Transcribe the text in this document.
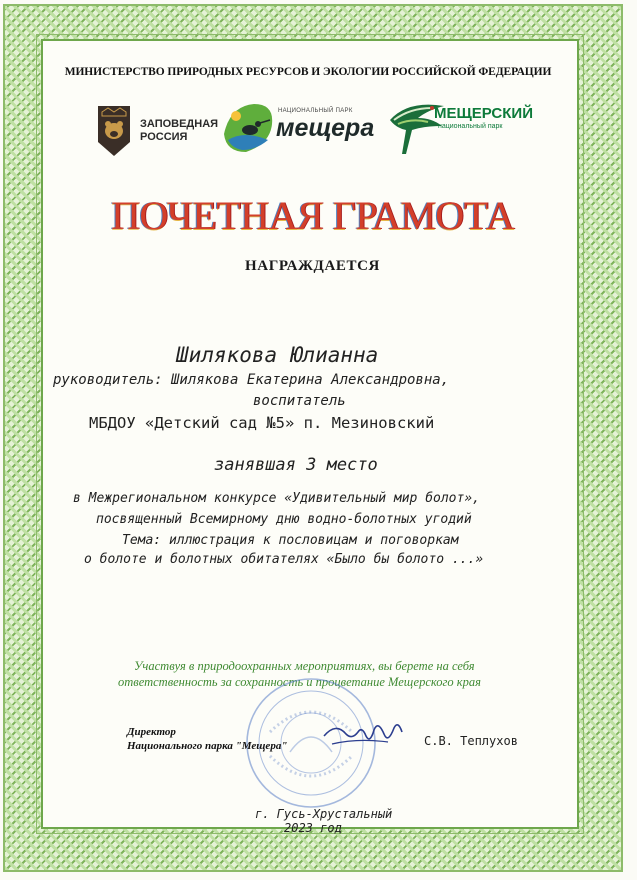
МИНИСТЕРСТВО ПРИРОДНЫХ РЕСУРСОВ И ЭКОЛОГИИ РОССИЙСКОЙ ФЕДЕРАЦИИ
ЗАПОВЕДНАЯ
РОССИЯ
НАЦИОНАЛЬНЫЙ ПАРК
мещера
МЕЩЕРСКИЙ
национальный парк
ПОЧЕТНАЯ ГРАМОТА
НАГРАЖДАЕТСЯ
Шилякова Юлианна
руководитель: Шилякова Екатерина Александровна,
воспитатель
МБДОУ «Детский сад №5» п. Мезиновский
занявшая 3 место
в Межрегиональном конкурсе «Удивительный мир болот»,
посвященный Всемирному дню водно-болотных угодий
Тема: иллюстрация к пословицам и поговоркам
о болоте и болотных обитателях «Было бы болото ...»
Участвуя в природоохранных мероприятиях, вы берете на себя
ответственность за сохранность и процветание Мещерского края
Директор
Национального парка "Мещера"	С.В. Теплухов
г. Гусь-Хрустальный
2023 год
